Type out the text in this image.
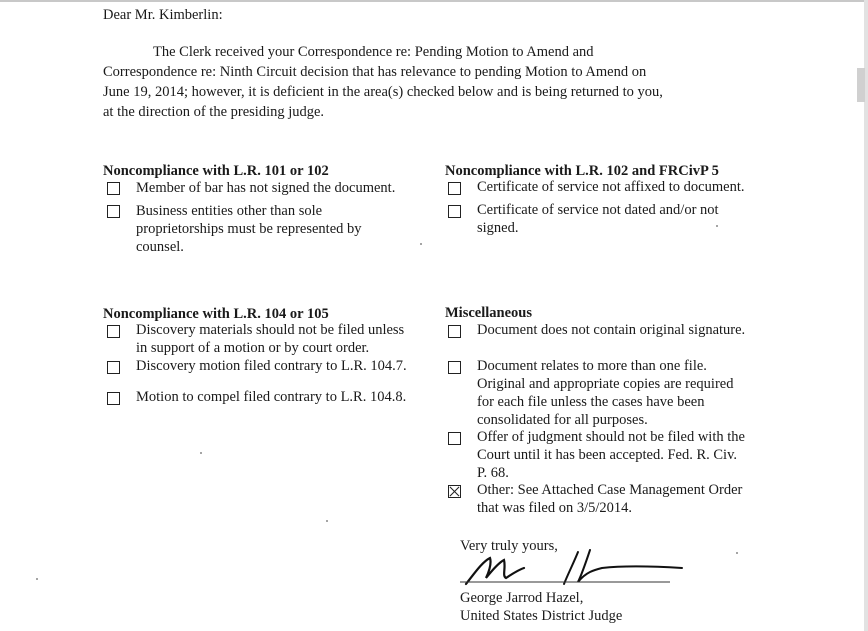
Dear Mr. Kimberlin:
The Clerk received your Correspondence re: Pending Motion to Amend and
Correspondence re: Ninth Circuit decision that has relevance to pending Motion to Amend on
June 19, 2014; however, it is deficient in the area(s) checked below and is being returned to you,
at the direction of the presiding judge.
Noncompliance with L.R. 101 or 102
Member of bar has not signed the document.
Business entities other than sole
proprietorships must be represented by
counsel.
Noncompliance with L.R. 102 and FRCivP 5
Certificate of service not affixed to document.
Certificate of service not dated and/or not
signed.
Noncompliance with L.R. 104 or 105
Discovery materials should not be filed unless
in support of a motion or by court order.
Discovery motion filed contrary to L.R. 104.7.
Motion to compel filed contrary to L.R. 104.8.
Miscellaneous
Document does not contain original signature.
Document relates to more than one file.
Original and appropriate copies are required
for each file unless the cases have been
consolidated for all purposes.
Offer of judgment should not be filed with the
Court until it has been accepted. Fed. R. Civ.
P. 68.
Other: See Attached Case Management Order
that was filed on 3/5/2014.
Very truly yours,
George Jarrod Hazel,
United States District Judge
